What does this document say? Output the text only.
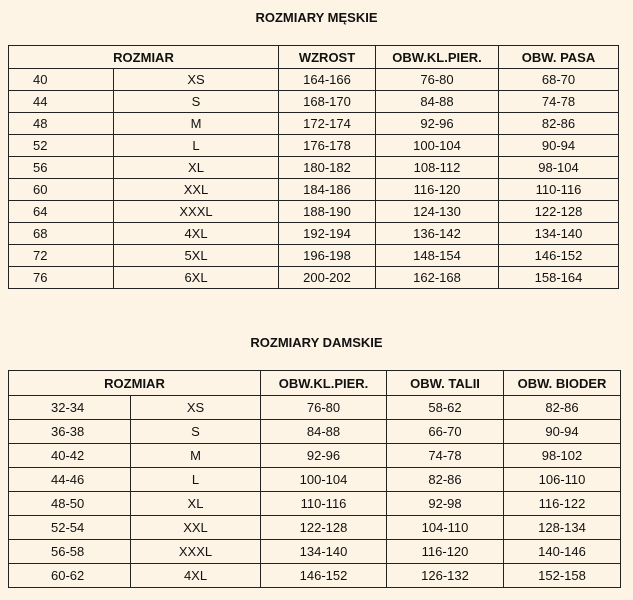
ROZMIARY MĘSKIE
ROZMIAR		WZROST	OBW.KL.PIER.	OBW. PASA
40	XS	164-166	76-80	68-70
44	S	168-170	84-88	74-78
48	M	172-174	92-96	82-86
52	L	176-178	100-104	90-94
56	XL	180-182	108-112	98-104
60	XXL	184-186	116-120	110-116
64	XXXL	188-190	124-130	122-128
68	4XL	192-194	136-142	134-140
72	5XL	196-198	148-154	146-152
76	6XL	200-202	162-168	158-164
ROZMIARY DAMSKIE
ROZMIAR		OBW.KL.PIER.	OBW. TALII	OBW. BIODER
32-34	XS	76-80	58-62	82-86
36-38	S	84-88	66-70	90-94
40-42	M	92-96	74-78	98-102
44-46	L	100-104	82-86	106-110
48-50	XL	110-116	92-98	116-122
52-54	XXL	122-128	104-110	128-134
56-58	XXXL	134-140	116-120	140-146
60-62	4XL	146-152	126-132	152-158
